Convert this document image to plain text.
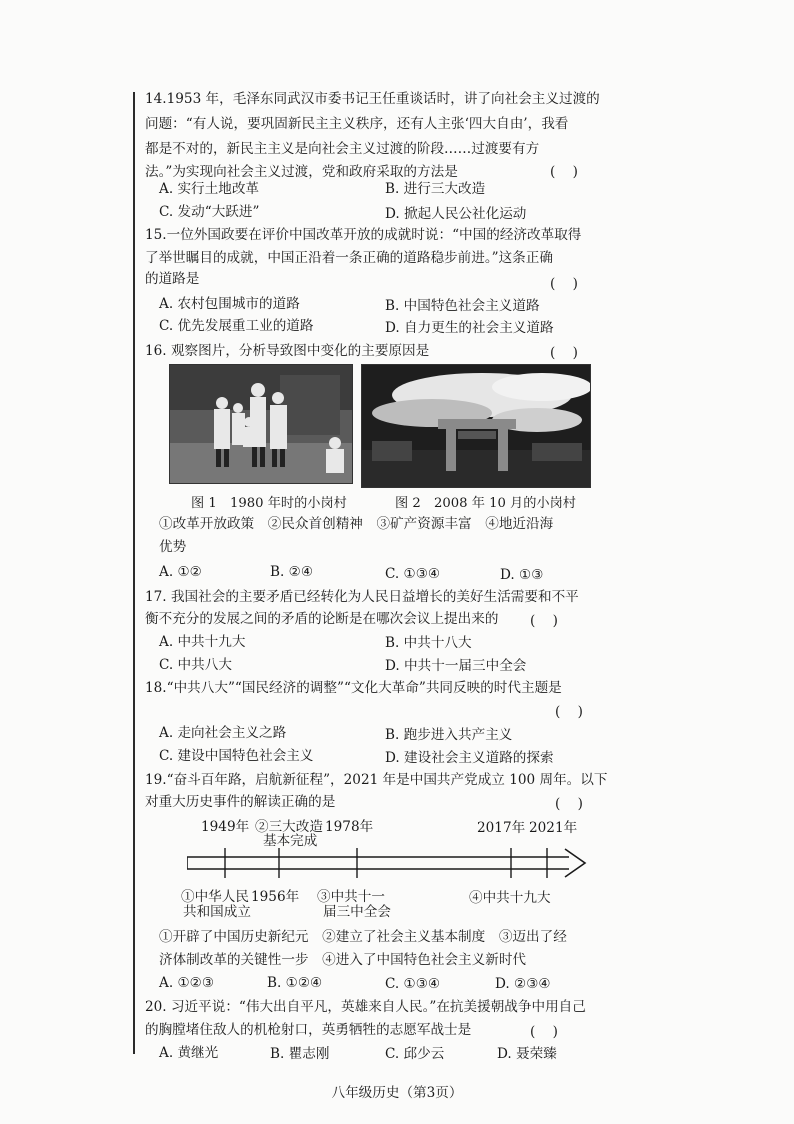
14.1953 年，毛泽东同武汉市委书记王任重谈话时，讲了向社会主义过渡的
问题：“有人说，要巩固新民主主义秩序，还有人主张‘四大自由’，我看
都是不对的，新民主主义是向社会主义过渡的阶段……过渡要有方
法。”为实现向社会主义过渡，党和政府采取的方法是	(    )
A. 实行土地改革	B. 进行三大改造
C. 发动“大跃进”	D. 掀起人民公社化运动
15.一位外国政要在评价中国改革开放的成就时说：“中国的经济改革取得
了举世瞩目的成就，中国正沿着一条正确的道路稳步前进。”这条正确
的道路是	(    )
A. 农村包围城市的道路	B. 中国特色社会主义道路
C. 优先发展重工业的道路	D. 自力更生的社会主义道路
16. 观察图片，分析导致图中变化的主要原因是	(    )
图 1　1980 年时的小岗村	图 2　2008 年 10 月的小岗村
①改革开放政策　②民众首创精神　③矿产资源丰富　④地近沿海
优势
A. ①②	B. ②④	C. ①③④	D. ①③
17. 我国社会的主要矛盾已经转化为人民日益增长的美好生活需要和不平
衡不充分的发展之间的矛盾的论断是在哪次会议上提出来的	(    )
A. 中共十九大	B. 中共十八大
C. 中共八大	D. 中共十一届三中全会
18.“中共八大”“国民经济的调整”“文化大革命”共同反映的时代主题是
(    )
A. 走向社会主义之路	B. 跑步进入共产主义
C. 建设中国特色社会主义	D. 建设社会主义道路的探索
19.“奋斗百年路，启航新征程”，2021 年是中国共产党成立 100 周年。以下
对重大历史事件的解读正确的是	(    )
1949年 ②三大改造
基本完成
1978年	2017年 2021年
①中华人民
共和国成立
1956年 ③中共十一
届三中全会
④中共十九大
①开辟了中国历史新纪元　②建立了社会主义基本制度　③迈出了经
济体制改革的关键性一步　④进入了中国特色社会主义新时代
A. ①②③	B. ①②④	C. ①③④	D. ②③④
20. 习近平说：“伟大出自平凡，英雄来自人民。”在抗美援朝战争中用自己
的胸膛堵住敌人的机枪射口，英勇牺牲的志愿军战士是	(    )
A. 黄继光	B. 瞿志刚	C. 邱少云	D. 聂荣臻
八年级历史（第3页）
